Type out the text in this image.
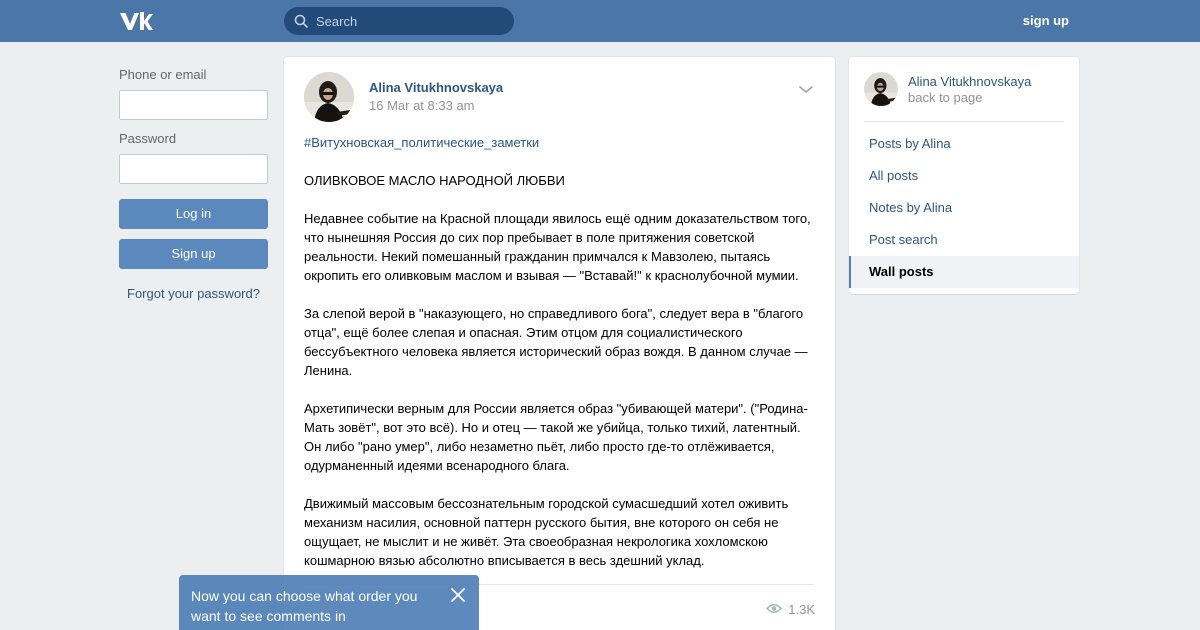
Search
sign up
Phone or email
Password
Log in
Sign up
Forgot your password?
Alina Vitukhnovskaya
16 Mar at 8:33 am
#Витухновская_политические_заметки

ОЛИВКОВОЕ МАСЛО НАРОДНОЙ ЛЮБВИ

Недавнее событие на Красной площади явилось ещё одним доказательством того, что нынешняя Россия до сих пор пребывает в поле притяжения советской реальности. Некий помешанный гражданин примчался к Мавзолею, пытаясь окропить его оливковым маслом и взывая — "Вставай!" к краснолубочной мумии.

За слепой верой в "наказующего, но справедливого бога", следует вера в "благого отца", ещё более слепая и опасная. Этим отцом для социалистического бессубъектного человека является исторический образ вождя. В данном случае — Ленина.

Архетипически верным для России является образ "убивающей матери". ("Родина-Мать зовёт", вот это всё). Но и отец — такой же убийца, только тихий, латентный. Он либо "рано умер", либо незаметно пьёт, либо просто где-то отлёживается, одурманенный идеями всенародного блага.

Движимый массовым бессознательным городской сумасшедший хотел оживить механизм насилия, основной паттерн русского бытия, вне которого он себя не ощущает, не мыслит и не живёт. Эта своеобразная некрологика хохломскою кошмарною вязью абсолютно вписывается в весь здешний уклад.

1.3K
Alina Vitukhnovskaya
back to page
Posts by Alina
All posts
Notes by Alina
Post search
Wall posts
Now you can choose what order you want to see comments in
